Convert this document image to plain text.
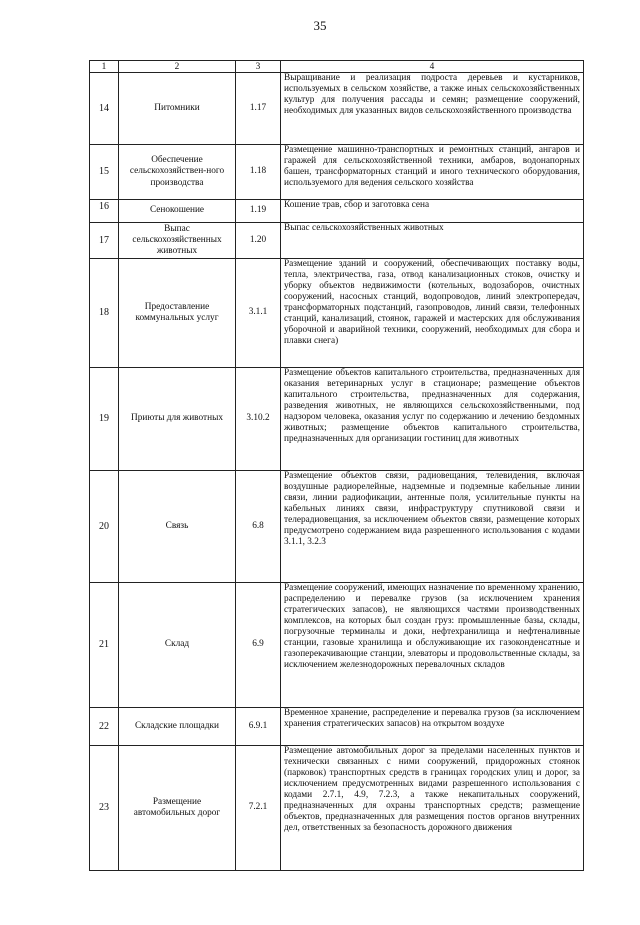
35
1	2	3	4
14	Питомники	1.17	Выращивание и реализация подроста деревьев и кустарников, используемых в сельском хозяйстве, а также иных сельскохозяйственных культур для получения рассады и семян; размещение сооружений, необходимых для указанных видов сельскохозяйственного производства
15	Обеспечение сельскохозяйствен-ного производства	1.18	Размещение машинно-транспортных и ремонтных станций, ангаров и гаражей для сельскохозяйственной техники, амбаров, водонапорных башен, трансформаторных станций и иного технического оборудования, используемого для ведения сельского хозяйства
16	Сенокошение	1.19	Кошение трав, сбор и заготовка сена
17	Выпас сельскохозяйственных животных	1.20	Выпас сельскохозяйственных животных
18	Предоставление коммунальных услуг	3.1.1	Размещение зданий и сооружений, обеспечивающих поставку воды, тепла, электричества, газа, отвод канализационных стоков, очистку и уборку объектов недвижимости (котельных, водозаборов, очистных сооружений, насосных станций, водопроводов, линий электропередач, трансформаторных подстанций, газопроводов, линий связи, телефонных станций, канализаций, стоянок, гаражей и мастерских для обслуживания уборочной и аварийной техники, сооружений, необходимых для сбора и плавки снега)
19	Приюты для животных	3.10.2	Размещение объектов капитального строительства, предназначенных для оказания ветеринарных услуг в стационаре; размещение объектов капитального строительства, предназначенных для содержания, разведения животных, не являющихся сельскохозяйственными, под надзором человека, оказания услуг по содержанию и лечению бездомных животных; размещение объектов капитального строительства, предназначенных для организации гостиниц для животных
20	Связь	6.8	Размещение объектов связи, радиовещания, телевидения, включая воздушные радиорелейные, надземные и подземные кабельные линии связи, линии радиофикации, антенные поля, усилительные пункты на кабельных линиях связи, инфраструктуру спутниковой связи и телерадиовещания, за исключением объектов связи, размещение которых предусмотрено содержанием вида разрешенного использования с кодами 3.1.1, 3.2.3
21	Склад	6.9	Размещение сооружений, имеющих назначение по временному хранению, распределению и перевалке грузов (за исключением хранения стратегических запасов), не являющихся частями производственных комплексов, на которых был создан груз: промышленные базы, склады, погрузочные терминалы и доки, нефтехранилища и нефтеналивные станции, газовые хранилища и обслуживающие их газоконденсатные и газоперекачивающие станции, элеваторы и продовольственные склады, за исключением железнодорожных перевалочных складов
22	Складские площадки	6.9.1	Временное хранение, распределение и перевалка грузов (за исключением хранения стратегических запасов) на открытом воздухе
23	Размещение автомобильных дорог	7.2.1	Размещение автомобильных дорог за пределами населенных пунктов и технически связанных с ними сооружений, придорожных стоянок (парковок) транспортных средств в границах городских улиц и дорог, за исключением предусмотренных видами разрешенного использования с кодами 2.7.1, 4.9, 7.2.3, а также некапитальных сооружений, предназначенных для охраны транспортных средств; размещение объектов, предназначенных для размещения постов органов внутренних дел, ответственных за безопасность дорожного движения
